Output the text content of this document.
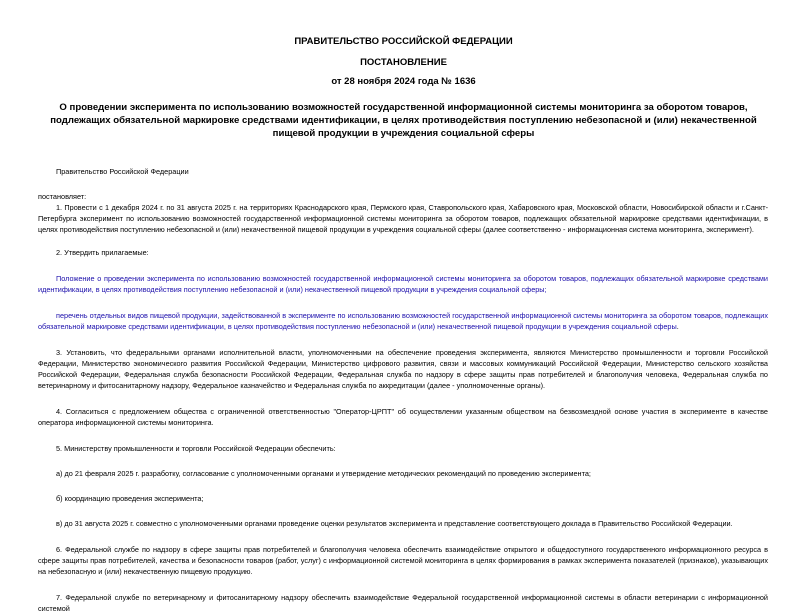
ПРАВИТЕЛЬСТВО РОССИЙСКОЙ ФЕДЕРАЦИИ
ПОСТАНОВЛЕНИЕ
от 28 ноября 2024 года № 1636
О проведении эксперимента по использованию возможностей государственной информационной системы мониторинга за оборотом товаров, подлежащих обязательной маркировке средствами идентификации, в целях противодействия поступлению небезопасной и (или) некачественной пищевой продукции в учреждения социальной сферы

Правительство Российской Федерации

постановляет:

1. Провести с 1 декабря 2024 г. по 31 августа 2025 г. на территориях Краснодарского края, Пермского края, Ставропольского края, Хабаровского края, Московской области, Новосибирской области и г.Санкт-Петербурга эксперимент по использованию возможностей государственной информационной системы мониторинга за оборотом товаров, подлежащих обязательной маркировке средствами идентификации, в целях противодействия поступлению небезопасной и (или) некачественной пищевой продукции в учреждения социальной сферы (далее соответственно - информационная система мониторинга, эксперимент).

2. Утвердить прилагаемые:

Положение о проведении эксперимента по использованию возможностей государственной информационной системы мониторинга за оборотом товаров, подлежащих обязательной маркировке средствами идентификации, в целях противодействия поступлению небезопасной и (или) некачественной пищевой продукции в учреждения социальной сферы;

перечень отдельных видов пищевой продукции, задействованной в эксперименте по использованию возможностей государственной информационной системы мониторинга за оборотом товаров, подлежащих обязательной маркировке средствами идентификации, в целях противодействия поступлению небезопасной и (или) некачественной пищевой продукции в учреждения социальной сферы.

3. Установить, что федеральными органами исполнительной власти, уполномоченными на обеспечение проведения эксперимента, являются Министерство промышленности и торговли Российской Федерации, Министерство экономического развития Российской Федерации, Министерство цифрового развития, связи и массовых коммуникаций Российской Федерации, Министерство сельского хозяйства Российской Федерации, Федеральная служба безопасности Российской Федерации, Федеральная служба по надзору в сфере защиты прав потребителей и благополучия человека, Федеральная служба по ветеринарному и фитосанитарному надзору, Федеральное казначейство и Федеральная служба по аккредитации (далее - уполномоченные органы).

4. Согласиться с предложением общества с ограниченной ответственностью "Оператор-ЦРПТ" об осуществлении указанным обществом на безвозмездной основе участия в эксперименте в качестве оператора информационной системы мониторинга.

5. Министерству промышленности и торговли Российской Федерации обеспечить:

а) до 21 февраля 2025 г. разработку, согласование с уполномоченными органами и утверждение методических рекомендаций по проведению эксперимента;

б) координацию проведения эксперимента;

в) до 31 августа 2025 г. совместно с уполномоченными органами проведение оценки результатов эксперимента и представление соответствующего доклада в Правительство Российской Федерации.

6. Федеральной службе по надзору в сфере защиты прав потребителей и благополучия человека обеспечить взаимодействие открытого и общедоступного государственного информационного ресурса в сфере защиты прав потребителей, качества и безопасности товаров (работ, услуг) с информационной системой мониторинга в целях формирования в рамках эксперимента показателей (признаков), указывающих на небезопасную и (или) некачественную пищевую продукцию.

7. Федеральной службе по ветеринарному и фитосанитарному надзору обеспечить взаимодействие Федеральной государственной информационной системы в области ветеринарии с информационной системой
